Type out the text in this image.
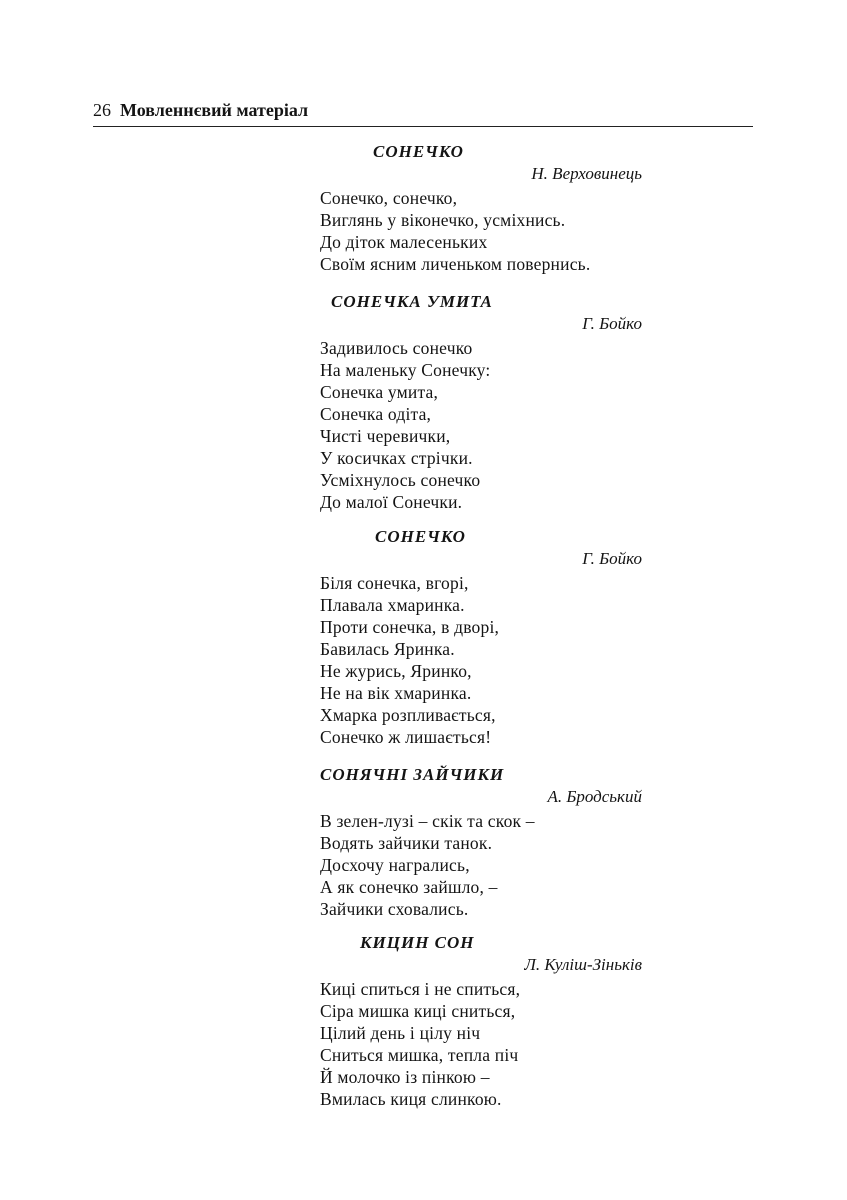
26 Мовленнєвий матеріал
СОНЕЧКО
Н. Верховинець
Сонечко, сонечко,
Виглянь у віконечко, усміхнись.
До діток малесеньких
Своїм ясним личеньком повернись.
СОНЕЧКА УМИТА
Г. Бойко
Задивилось сонечко
На маленьку Сонечку:
Сонечка умита,
Сонечка одіта,
Чисті черевички,
У косичках стрічки.
Усміхнулось сонечко
До малої Сонечки.
СОНЕЧКО
Г. Бойко
Біля сонечка, вгорі,
Плавала хмаринка.
Проти сонечка, в дворі,
Бавилась Яринка.
Не журись, Яринко,
Не на вік хмаринка.
Хмарка розпливається,
Сонечко ж лишається!
СОНЯЧНІ ЗАЙЧИКИ
А. Бродський
В зелен-лузі – скік та скок –
Водять зайчики танок.
Досхочу награлись,
А як сонечко зайшло, –
Зайчики сховались.
КИЦИН СОН
Л. Куліш-Зіньків
Киці спиться і не спиться,
Сіра мишка киці сниться,
Цілий день і цілу ніч
Сниться мишка, тепла піч
Й молочко із пінкою –
Вмилась киця слинкою.
